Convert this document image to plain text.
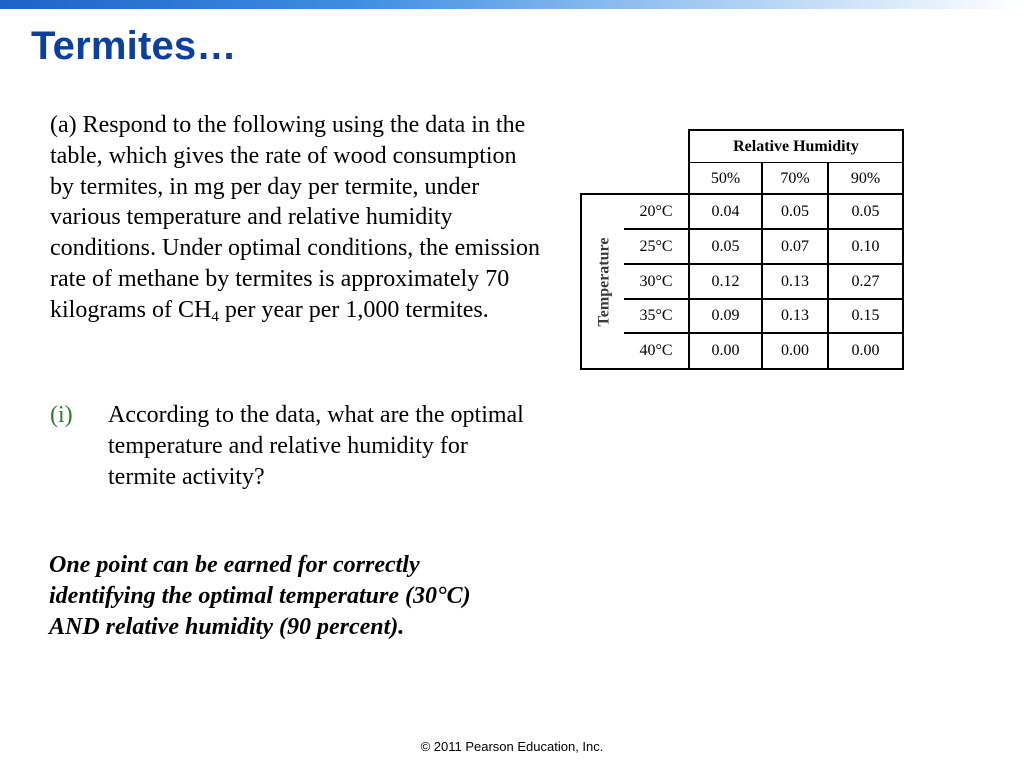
Termites…
(a) Respond to the following using the data in the table, which gives the rate of wood consumption by termites, in mg per day per termite, under various temperature and relative humidity conditions. Under optimal conditions, the emission rate of methane by termites is approximately 70 kilograms of $CH_4$ per year per 1,000 termites.
(i) According to the data, what are the optimal temperature and relative humidity for termite activity?
One point can be earned for correctly identifying the optimal temperature (30°C) AND relative humidity (90 percent).
© 2011 Pearson Education, Inc.
Relative Humidity
50%	70%	90%
Temperature
20°C	0.04	0.05	0.05
25°C	0.05	0.07	0.10
30°C	0.12	0.13	0.27
35°C	0.09	0.13	0.15
40°C	0.00	0.00	0.00
